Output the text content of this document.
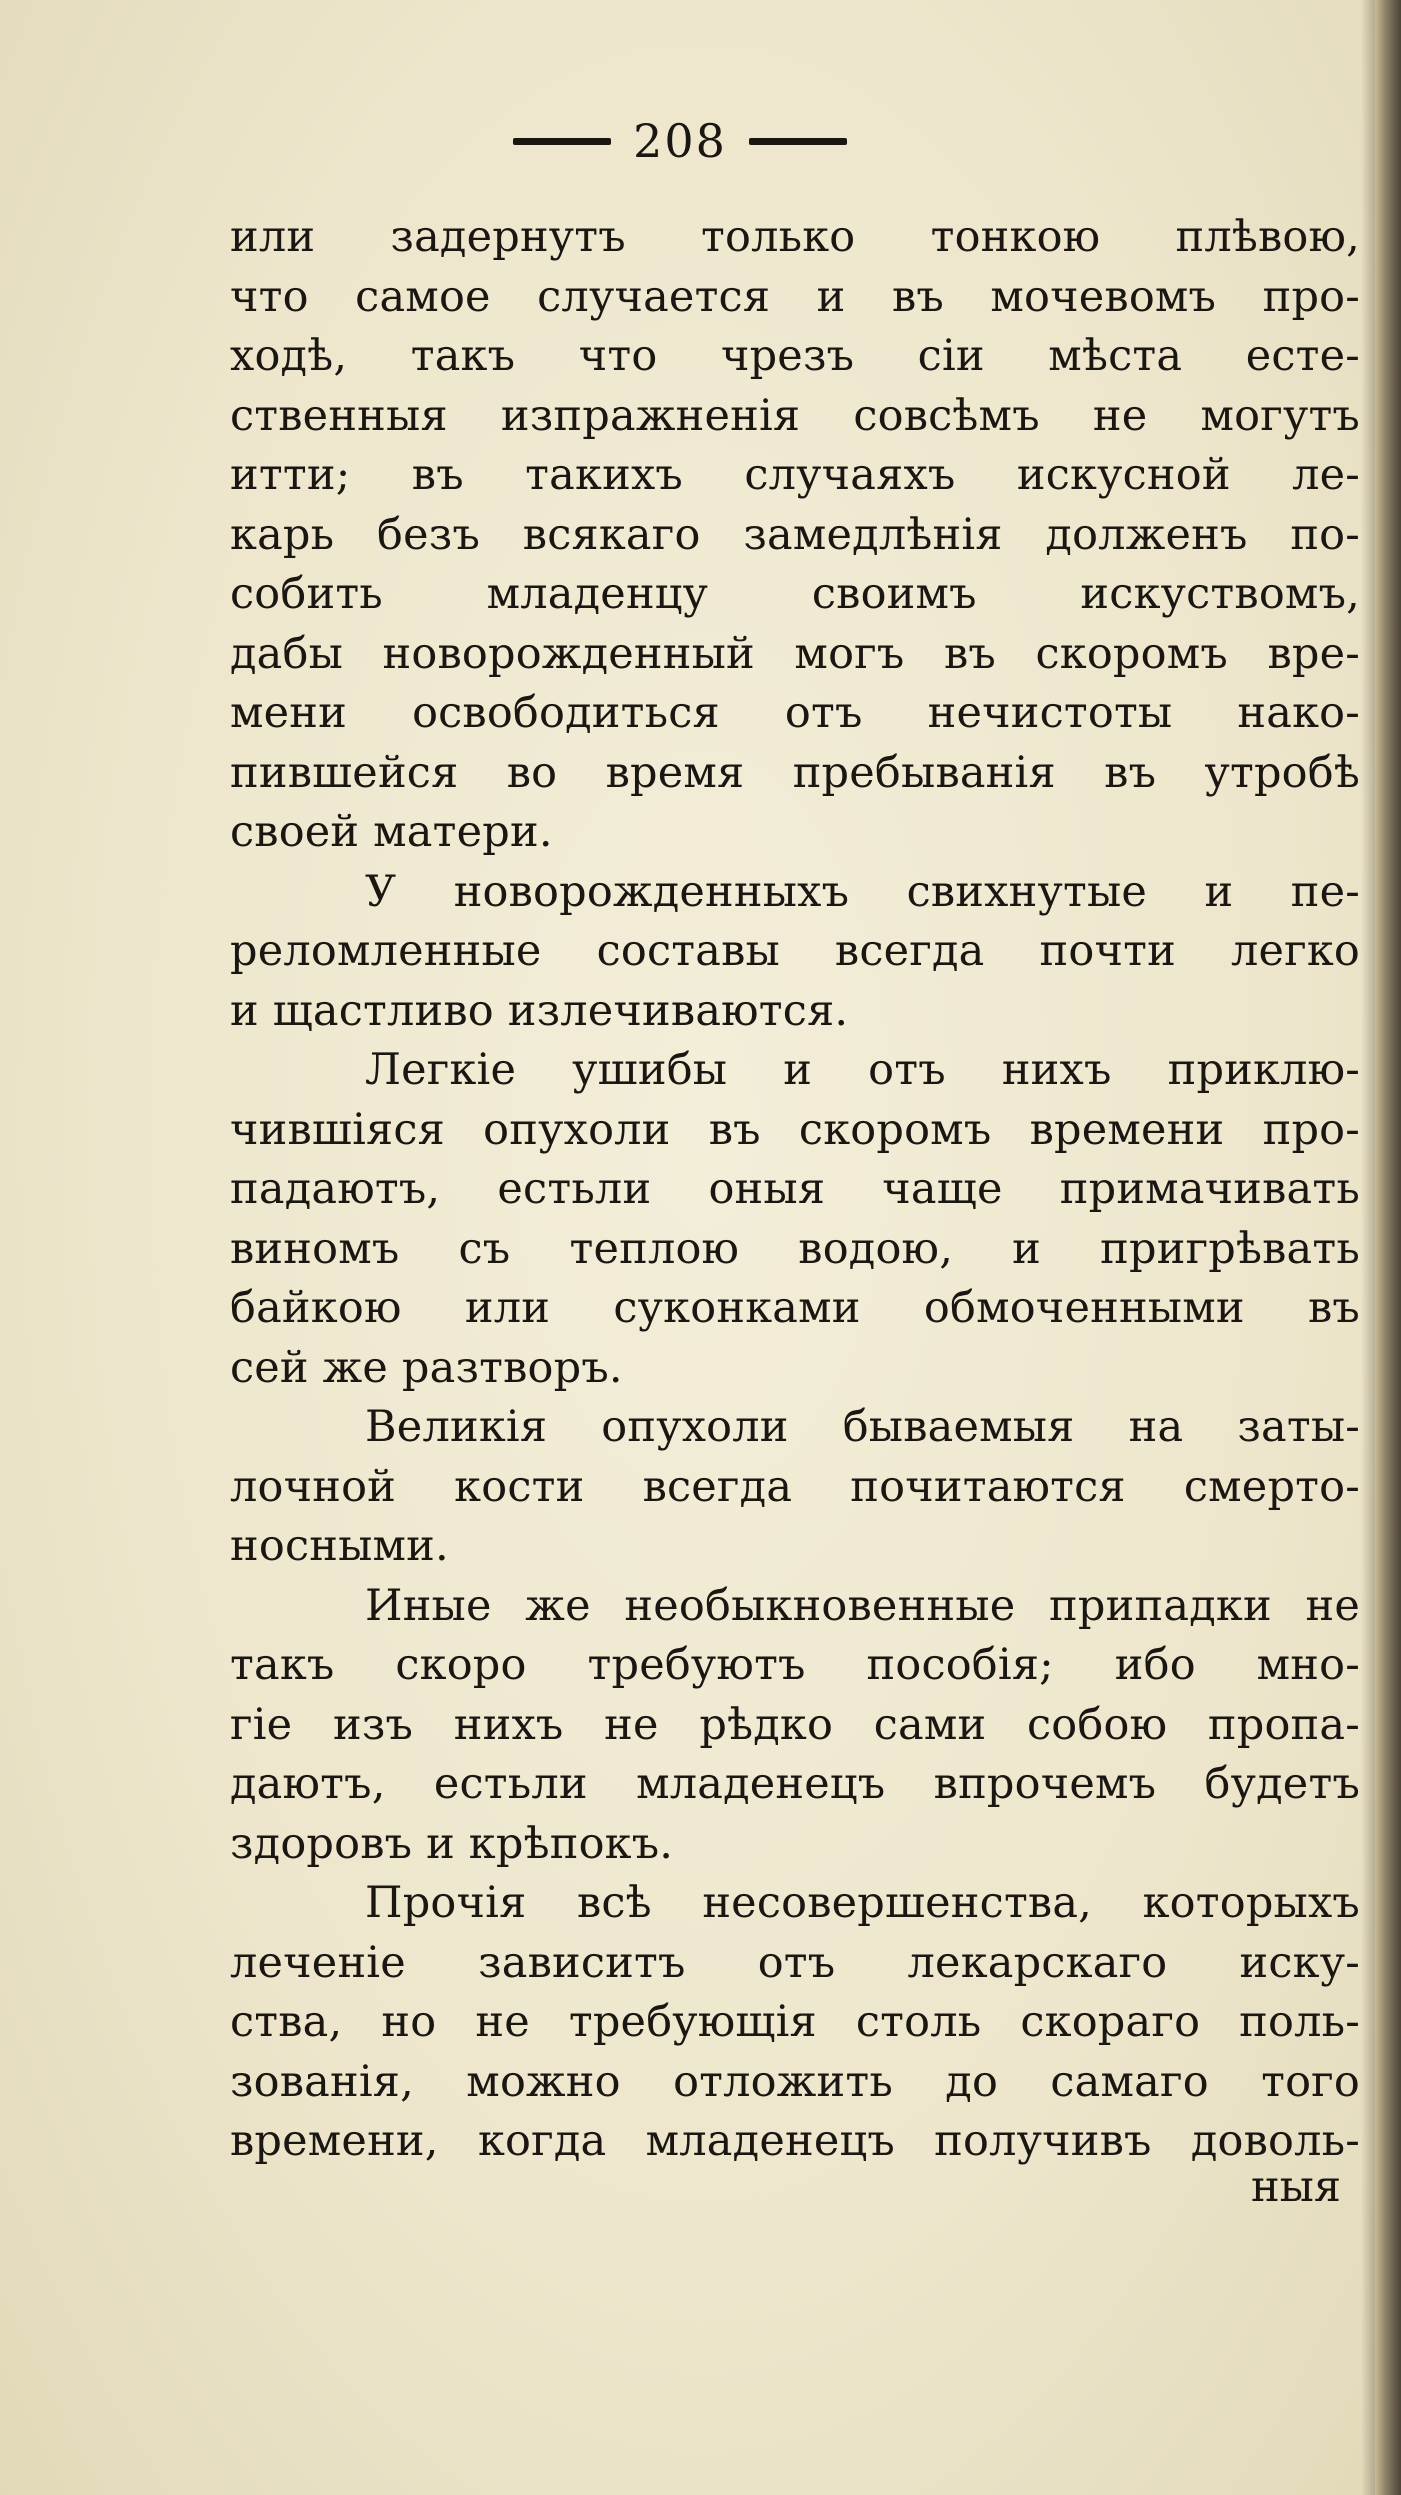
208
или задернутъ только тонкою плѣвою,
что самое случается и въ мочевомъ про-
ходѣ, такъ что чрезъ сіи мѣста есте-
ственныя изпражненія совсѣмъ не могутъ
итти; въ такихъ случаяхъ искусной ле-
карь безъ всякаго замедлѣнія долженъ по-
собить младенцу своимъ искуствомъ,
дабы новорожденный могъ въ скоромъ вре-
мени освободиться отъ нечистоты нако-
пившейся во время пребыванія въ утробѣ
своей матери.
У новорожденныхъ свихнутые и пе-
реломленные составы всегда почти легко
и щастливо излечиваются.
Легкіе ушибы и отъ нихъ приклю-
чившіяся опухоли въ скоромъ времени про-
падаютъ, естьли оныя чаще примачивать
виномъ съ теплою водою, и пригрѣвать
байкою или суконками обмоченными въ
сей же разтворъ.
Великія опухоли бываемыя на заты-
лочной кости всегда почитаются смерто-
носными.
Иные же необыкновенные припадки не
такъ скоро требуютъ пособія; ибо мно-
гіе изъ нихъ не рѣдко сами собою пропа-
даютъ, естьли младенецъ впрочемъ будетъ
здоровъ и крѣпокъ.
Прочія всѣ несовершенства, которыхъ
леченіе зависитъ отъ лекарскаго иску-
ства, но не требующія столь скораго поль-
зованія, можно отложить до самаго того
времени, когда младенецъ получивъ доволь-
ныя
